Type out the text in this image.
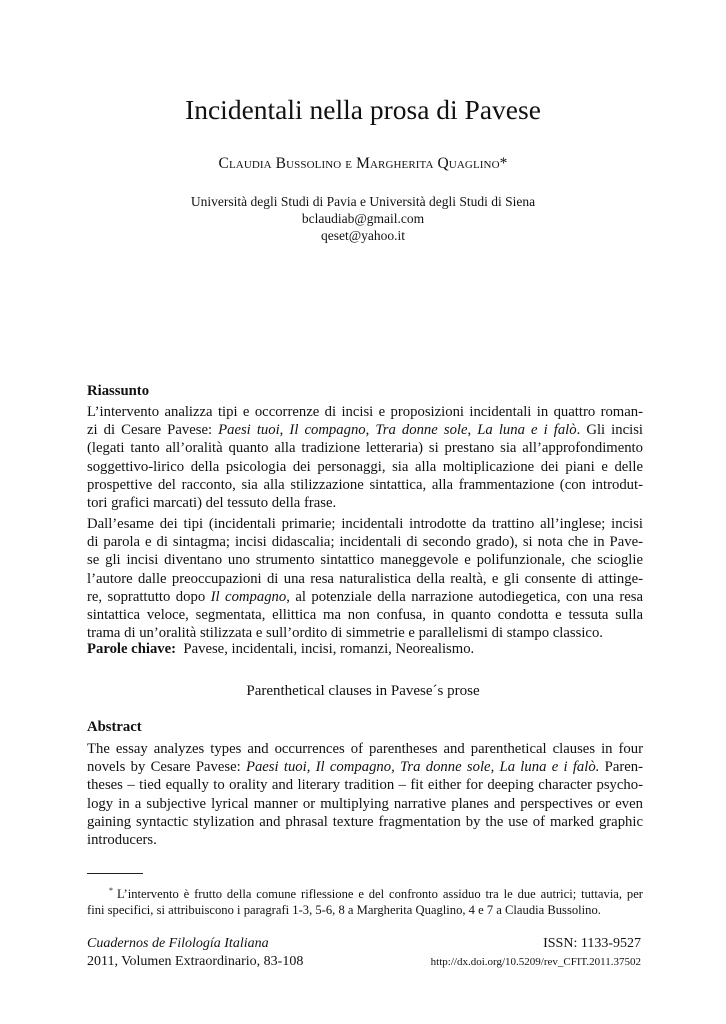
Incidentali nella prosa di Pavese
Claudia Bussolino e Margherita Quaglino*
Università degli Studi di Pavia e Università degli Studi di Siena
bclaudiab@gmail.com
qeset@yahoo.it
Riassunto
L’intervento analizza tipi e occorrenze di incisi e proposizioni incidentali in quattro roman-
zi di Cesare Pavese: Paesi tuoi, Il compagno, Tra donne sole, La luna e i falò. Gli incisi
(legati tanto all’oralità quanto alla tradizione letteraria) si prestano sia all’approfondimento
soggettivo-lirico della psicologia dei personaggi, sia alla moltiplicazione dei piani e delle
prospettive del racconto, sia alla stilizzazione sintattica, alla frammentazione (con introdut-
tori grafici marcati) del tessuto della frase.
Dall’esame dei tipi (incidentali primarie; incidentali introdotte da trattino all’inglese; incisi
di parola e di sintagma; incisi didascalia; incidentali di secondo grado), si nota che in Pave-
se gli incisi diventano uno strumento sintattico maneggevole e polifunzionale, che scioglie
l’autore dalle preoccupazioni di una resa naturalistica della realtà, e gli consente di attinge-
re, soprattutto dopo Il compagno, al potenziale della narrazione autodiegetica, con una resa
sintattica veloce, segmentata, ellittica ma non confusa, in quanto condotta e tessuta sulla
trama di un’oralità stilizzata e sull’ordito di simmetrie e parallelismi di stampo classico.
Parole chiave: Pavese, incidentali, incisi, romanzi, Neorealismo.
Parenthetical clauses in Pavese´s prose
Abstract
The essay analyzes types and occurrences of parentheses and parenthetical clauses in four
novels by Cesare Pavese: Paesi tuoi, Il compagno, Tra donne sole, La luna e i falò. Paren-
theses – tied equally to orality and literary tradition – fit either for deeping character psycho-
logy in a subjective lyrical manner or multiplying narrative planes and perspectives or even
gaining syntactic stylization and phrasal texture fragmentation by the use of marked graphic
introducers.
* L’intervento è frutto della comune riflessione e del confronto assiduo tra le due autrici; tuttavia, per
fini specifici, si attribuiscono i paragrafi 1-3, 5-6, 8 a Margherita Quaglino, 4 e 7 a Claudia Bussolino.
Cuadernos de Filología Italiana
2011, Volumen Extraordinario, 83-108
ISSN: 1133-9527
http://dx.doi.org/10.5209/rev_CFIT.2011.37502
